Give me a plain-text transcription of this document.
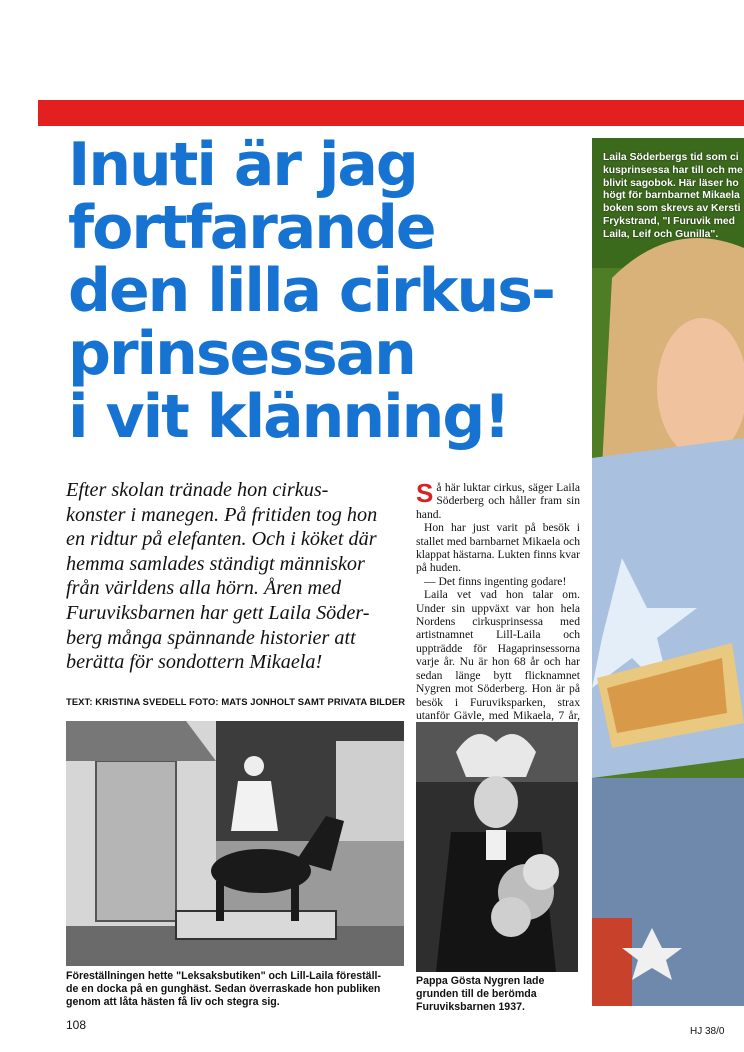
Inuti är jag
fortfarande
den lilla cirkus-
prinsessan
i vit klänning!
Efter skolan tränade hon cirkus-
konster i manegen. På fritiden tog hon
en ridtur på elefanten. Och i köket där
hemma samlades ständigt människor
från världens alla hörn. Åren med
Furuviksbarnen har gett Laila Söder-
berg många spännande historier att
berätta för sondottern Mikaela!
TEXT: KRISTINA SVEDELL FOTO: MATS JONHOLT SAMT PRIVATA BILDER

Så här luktar cirkus, säger Laila Söderberg och håller fram sin hand.

Hon har just varit på besök i stallet med barnbarnet Mikaela och klappat hästarna. Lukten finns kvar på huden.

— Det finns ingenting godare!

Laila vet vad hon talar om. Under sin uppväxt var hon hela Nordens cirkusprinsessa med artistnamnet Lill-Laila och uppträdde för Hagaprinsessorna varje år. Nu är hon 68 år och har sedan länge bytt flicknamnet Nygren mot Söderberg. Hon är på besök i Furuviksparken, strax utanför Gävle, med Mikaela, 7 år,

Föreställningen hette "Leksaksbutiken" och Lill-Laila föreställ-
de en docka på en gunghäst. Sedan överraskade hon publiken
genom att låta hästen få liv och stegra sig.
Pappa Gösta Nygren lade
grunden till de berömda
Furuviksbarnen 1937.
Laila Söderbergs tid som ci
kusprinsessa har till och me
blivit sagobok. Här läser ho
högt för barnbarnet Mikaela
boken som skrevs av Kersti
Frykstrand, "I Furuvik med
Laila, Leif och Gunilla".
108	HJ 38/0
